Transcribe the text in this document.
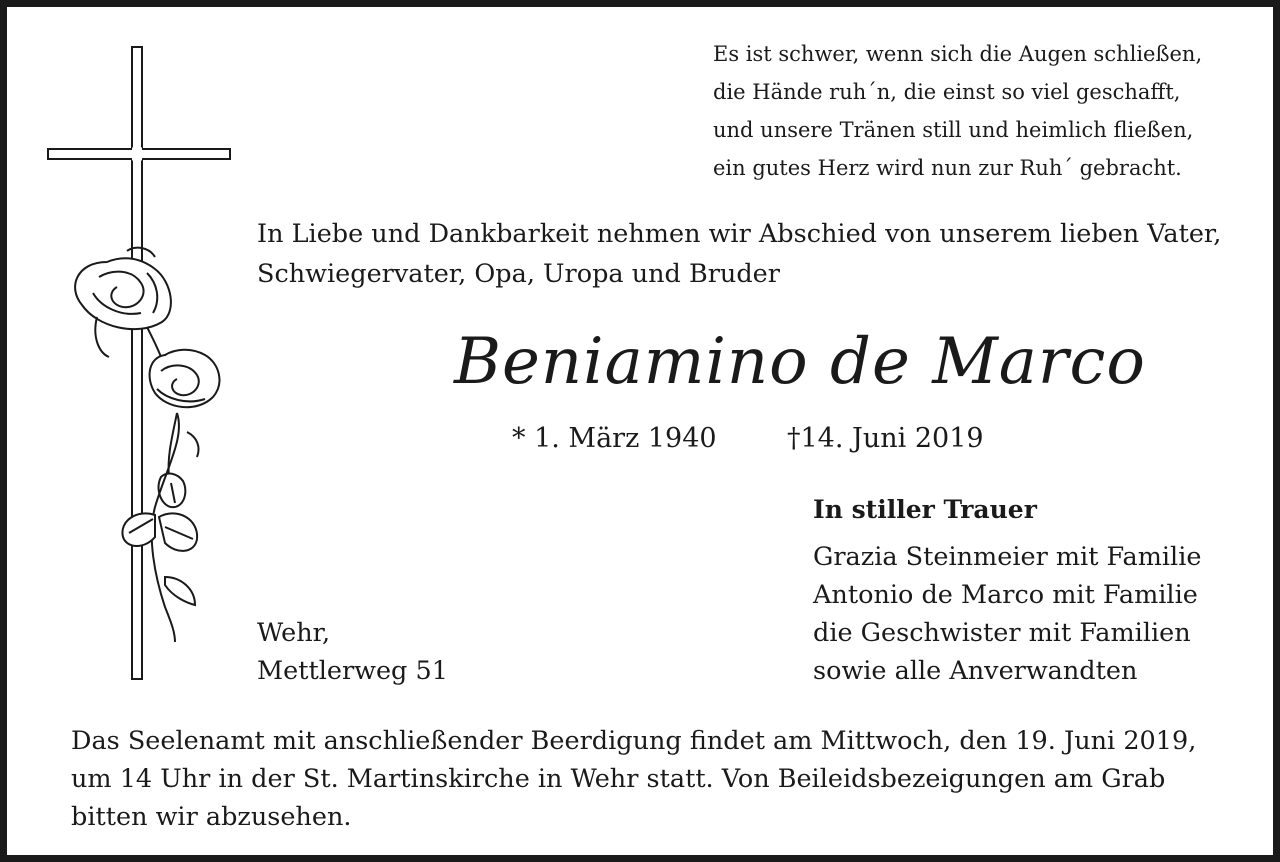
Es ist schwer, wenn sich die Augen schließen,
die Hände ruh´n, die einst so viel geschafft,
und unsere Tränen still und heimlich fließen,
ein gutes Herz wird nun zur Ruh´ gebracht.
In Liebe und Dankbarkeit nehmen wir Abschied von unserem lieben Vater,
Schwiegervater, Opa, Uropa und Bruder
Beniamino de Marco
* 1. März 1940	†14. Juni 2019
In stiller Trauer
Grazia Steinmeier mit Familie
Antonio de Marco mit Familie
die Geschwister mit Familien
sowie alle Anverwandten
Wehr,
Mettlerweg 51
Das Seelenamt mit anschließender Beerdigung findet am Mittwoch, den 19. Juni 2019,
um 14 Uhr in der St. Martinskirche in Wehr statt. Von Beileidsbezeigungen am Grab
bitten wir abzusehen.
